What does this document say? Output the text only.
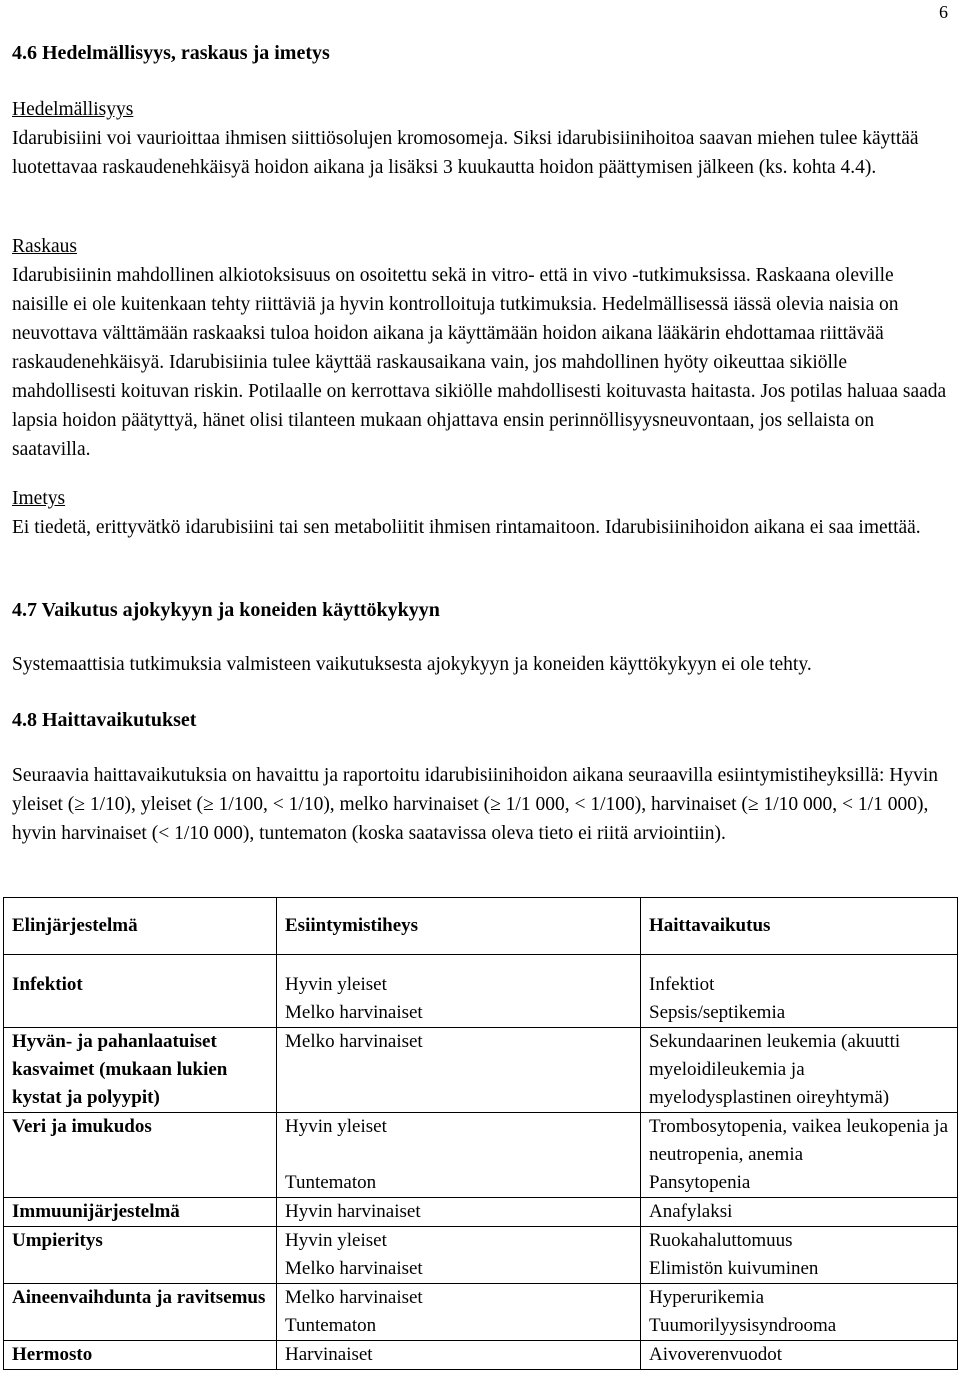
6
4.6 Hedelmällisyys, raskaus ja imetys
Hedelmällisyys

Idarubisiini voi vaurioittaa ihmisen siittiösolujen kromosomeja. Siksi idarubisiinihoitoa saavan miehen tulee käyttää luotettavaa raskaudenehkäisyä hoidon aikana ja lisäksi 3 kuukautta hoidon päättymisen jälkeen (ks. kohta 4.4).

Raskaus

Idarubisiinin mahdollinen alkiotoksisuus on osoitettu sekä in vitro- että in vivo -tutkimuksissa. Raskaana oleville naisille ei ole kuitenkaan tehty riittäviä ja hyvin kontrolloituja tutkimuksia. Hedelmällisessä iässä olevia naisia on neuvottava välttämään raskaaksi tuloa hoidon aikana ja käyttämään hoidon aikana lääkärin ehdottamaa riittävää raskaudenehkäisyä. Idarubisiinia tulee käyttää raskausaikana vain, jos mahdollinen hyöty oikeuttaa sikiölle mahdollisesti koituvan riskin. Potilaalle on kerrottava sikiölle mahdollisesti koituvasta haitasta. Jos potilas haluaa saada lapsia hoidon päätyttyä, hänet olisi tilanteen mukaan ohjattava ensin perinnöllisyysneuvontaan, jos sellaista on saatavilla.

Imetys

Ei tiedetä, erittyvätkö idarubisiini tai sen metaboliitit ihmisen rintamaitoon. Idarubisiinihoidon aikana ei saa imettää.

4.7 Vaikutus ajokykyyn ja koneiden käyttökykyyn

Systemaattisia tutkimuksia valmisteen vaikutuksesta ajokykyyn ja koneiden käyttökykyyn ei ole tehty.

4.8 Haittavaikutukset

Seuraavia haittavaikutuksia on havaittu ja raportoitu idarubisiinihoidon aikana seuraavilla esiintymistiheyksillä: Hyvin yleiset (≥ 1/10), yleiset (≥ 1/100, < 1/10), melko harvinaiset (≥ 1/1 000, < 1/100), harvinaiset (≥ 1/10 000, < 1/1 000), hyvin harvinaiset (< 1/10 000), tuntematon (koska saatavissa oleva tieto ei riitä arviointiin).

Elinjärjestelmä	Esiintymistiheys	Haittavaikutus
Infektiot	Hyvin yleiset	Infektiot
	Melko harvinaiset	Sepsis/septikemia
Hyvän- ja pahanlaatuiset kasvaimet (mukaan lukien kystat ja polyypit)	Melko harvinaiset	Sekundaarinen leukemia (akuutti myeloidileukemia ja myelodysplastinen oireyhtymä)
Veri ja imukudos	Hyvin yleiset	Trombosytopenia, vaikea leukopenia ja neutropenia, anemia
	Tuntematon	Pansytopenia
Immuunijärjestelmä	Hyvin harvinaiset	Anafylaksi
Umpieritys	Hyvin yleiset	Ruokahaluttomuus
	Melko harvinaiset	Elimistön kuivuminen
Aineenvaihdunta ja ravitsemus	Melko harvinaiset	Hyperurikemia
	Tuntematon	Tuumorilyysisyndrooma
Hermosto	Harvinaiset	Aivoverenvuodot
